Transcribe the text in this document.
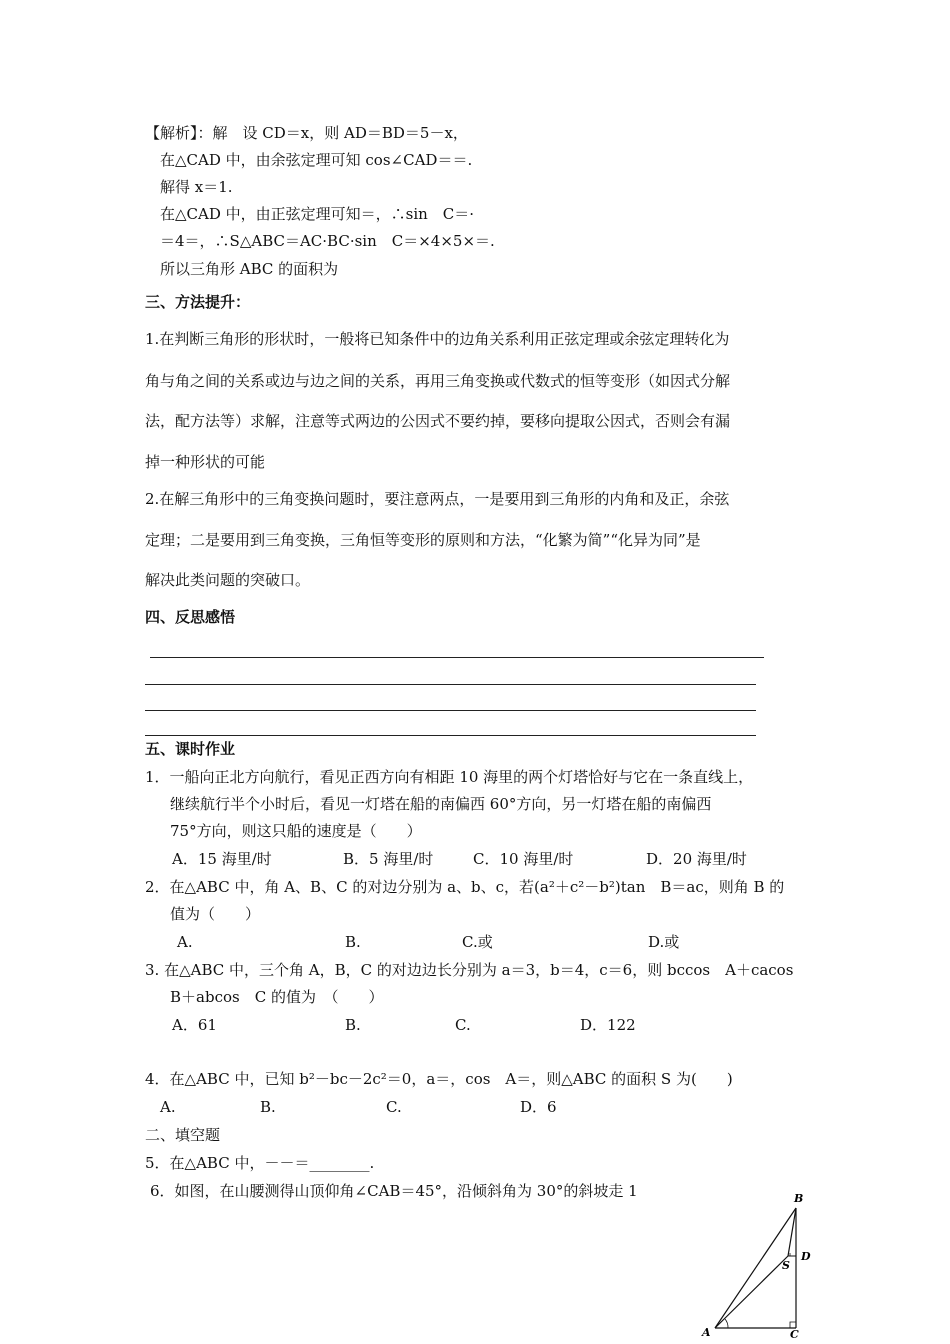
【解析】：解　设 CD＝x，则 AD＝BD＝5－x，
在△CAD 中，由余弦定理可知 cos∠CAD＝＝.
解得 x＝1.
在△CAD 中，由正弦定理可知＝，∴sin　C＝·
＝4＝，∴S△ABC＝AC·BC·sin　C＝×4×5×＝.
所以三角形 ABC 的面积为
三、方法提升：
1.在判断三角形的形状时，一般将已知条件中的边角关系利用正弦定理或余弦定理转化为
角与角之间的关系或边与边之间的关系，再用三角变换或代数式的恒等变形（如因式分解
法，配方法等）求解，注意等式两边的公因式不要约掉，要移向提取公因式，否则会有漏
掉一种形状的可能
2.在解三角形中的三角变换问题时，要注意两点，一是要用到三角形的内角和及正，余弦
定理；二是要用到三角变换，三角恒等变形的原则和方法，“化繁为简”“化异为同”是
解决此类问题的突破口。
四、反思感悟
五、课时作业
1．一船向正北方向航行，看见正西方向有相距 10 海里的两个灯塔恰好与它在一条直线上，
继续航行半个小时后，看见一灯塔在船的南偏西 60°方向，另一灯塔在船的南偏西
75°方向，则这只船的速度是（　　）
A．15 海里/时	B．5 海里/时	C．10 海里/时	D．20 海里/时
2．在△ABC 中，角 A、B、C 的对边分别为 a、b、c，若(a²＋c²－b²)tan　B＝ac，则角 B 的
值为（　　）
A.	B.	C.或	D.或
3. 在△ABC 中，三个角 A，B，C 的对边边长分别为 a＝3，b＝4，c＝6，则 bccos　A＋cacos
B＋abcos　C 的值为　（　　）
A．61	B.	C.	D．122
4．在△ABC 中，已知 b²－bc－2c²＝0，a＝，cos　A＝，则△ABC 的面积 S 为(　　)
A.	B.	C.	D．6
二、填空题
5．在△ABC 中，－－＝________.
6．如图，在山腰测得山顶仰角∠CAB＝45°，沿倾斜角为 30°的斜坡走 1
A
B
C
D
S
